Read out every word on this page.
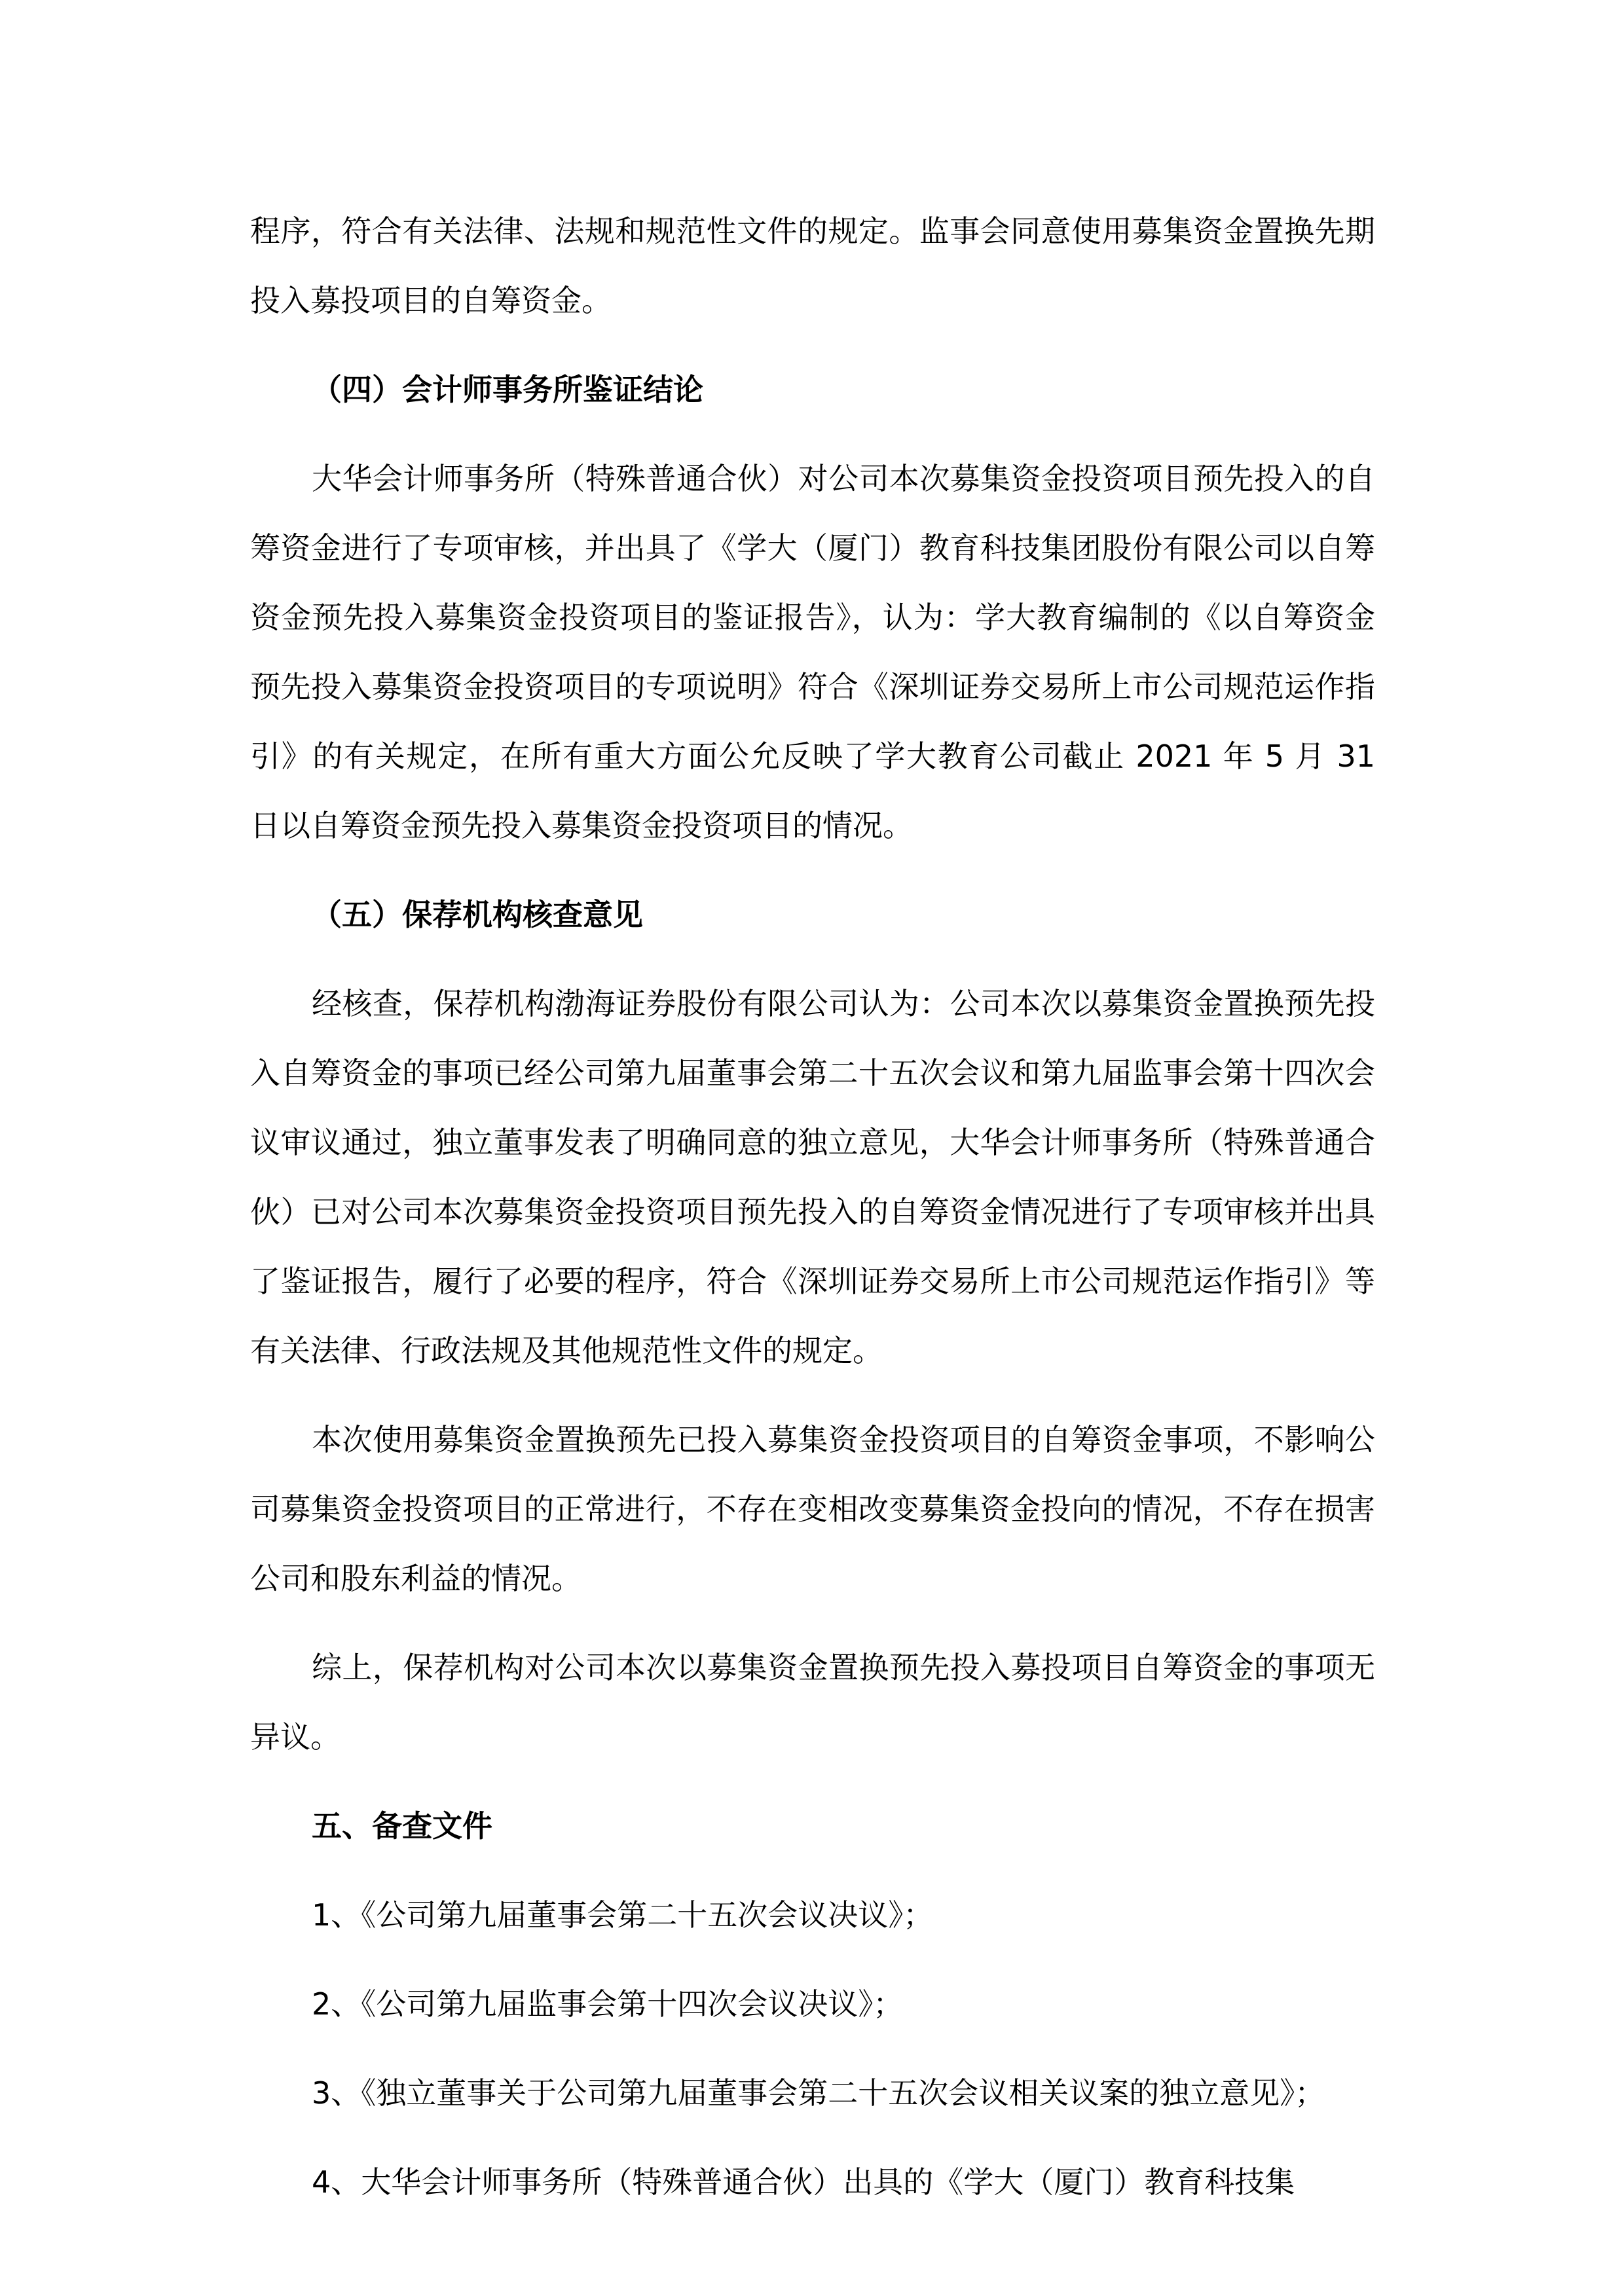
程序，符合有关法律、法规和规范性文件的规定。监事会同意使用募集资金置换先期投入募投项目的自筹资金。

（四）会计师事务所鉴证结论

大华会计师事务所（特殊普通合伙）对公司本次募集资金投资项目预先投入的自筹资金进行了专项审核，并出具了《学大（厦门）教育科技集团股份有限公司以自筹资金预先投入募集资金投资项目的鉴证报告》，认为：学大教育编制的《以自筹资金预先投入募集资金投资项目的专项说明》符合《深圳证券交易所上市公司规范运作指引》的有关规定，在所有重大方面公允反映了学大教育公司截止 2021 年 5 月 31 日以自筹资金预先投入募集资金投资项目的情况。

（五）保荐机构核查意见

经核查，保荐机构渤海证券股份有限公司认为：公司本次以募集资金置换预先投入自筹资金的事项已经公司第九届董事会第二十五次会议和第九届监事会第十四次会议审议通过，独立董事发表了明确同意的独立意见，大华会计师事务所（特殊普通合伙）已对公司本次募集资金投资项目预先投入的自筹资金情况进行了专项审核并出具了鉴证报告，履行了必要的程序，符合《深圳证券交易所上市公司规范运作指引》等有关法律、行政法规及其他规范性文件的规定。

本次使用募集资金置换预先已投入募集资金投资项目的自筹资金事项，不影响公司募集资金投资项目的正常进行，不存在变相改变募集资金投向的情况，不存在损害公司和股东利益的情况。

综上，保荐机构对公司本次以募集资金置换预先投入募投项目自筹资金的事项无异议。

五、备查文件

1、《公司第九届董事会第二十五次会议决议》；

2、《公司第九届监事会第十四次会议决议》；

3、《独立董事关于公司第九届董事会第二十五次会议相关议案的独立意见》；

4、大华会计师事务所（特殊普通合伙）出具的《学大（厦门）教育科技集
